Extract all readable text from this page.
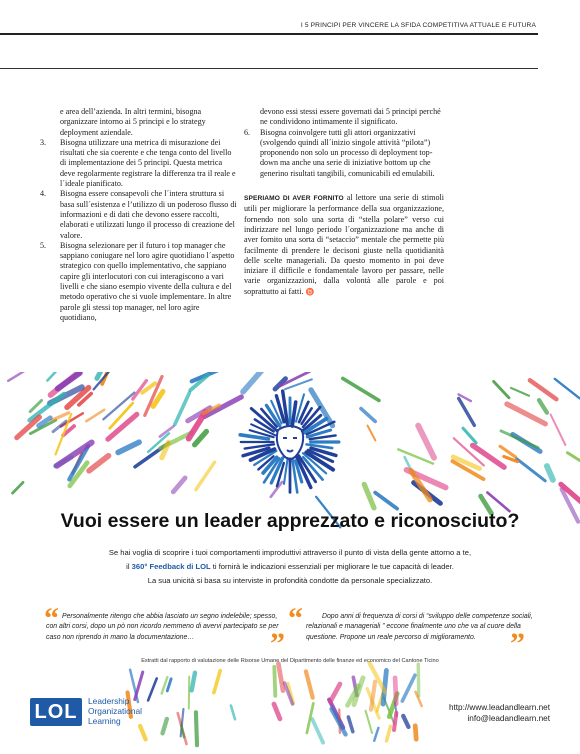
I 5 PRINCIPI PER VINCERE LA SFIDA COMPETITIVA ATTUALE E FUTURA

e area dell’azienda. In altri termini, bisogna organizzare intorno ai 5 principi e lo strategy deployment aziendale.

3.	Bisogna utilizzare una metrica di misurazione dei risultati che sia coerente e che tenga conto del livello di implementazione dei 5 principi. Questa metrica deve regolarmente registrare la differenza tra il reale e l´ideale pianificato.
4.	Bisogna essere consapevoli che l´intera struttura si basa sull´esistenza e l’utilizzo di un poderoso flusso di informazioni e di dati che devono essere raccolti, elaborati e utilizzati lungo il processo di creazione del valore.
5.	Bisogna selezionare per il futuro i top manager che sappiano coniugare nel loro agire quotidiano l´aspetto strategico con quello implementativo, che sappiano capire gli interlocutori con cui interagiscono a vari livelli e che siano esempio vivente della cultura e del metodo operativo che si vuole implementare. In altre parole gli stessi top manager, nel loro agire quotidiano,

devono essi stessi essere governati dai 5 principi perché ne condividono intimamente il significato.

6.	Bisogna coinvolgere tutti gli attori organizzativi (svolgendo quindi all´inizio singole attività “pilota”) proponendo non solo un processo di deployment top-down ma anche una serie di iniziative bottom up che generino risultati tangibili, comunicabili ed emulabili.

SPERIAMO DI AVER FORNITO al lettore una serie di stimoli utili per migliorare la performance della sua organizzazione, fornendo non solo una sorta di “stella polare” verso cui indirizzare nel lungo periodo l´organizzazione ma anche di aver fornito una sorta di “setaccio” mentale che permette più facilmente di prendere le decisoni giuste nella quotidianità delle scelte manageriali. Da questo momento in poi deve iniziare il difficile e fondamentale lavoro per passare, nelle varie organizzazioni, dalla volontà alle parole e poi soprattutto ai fatti. ♉

Vuoi essere un leader apprezzato e riconosciuto?
Se hai voglia di scoprire i tuoi comportamenti improduttivi attraverso il punto di vista della gente attorno a te,
il 360° Feedback di LOL ti fornirà le indicazioni essenziali per migliorare le tue capacità di leader.
La sua unicità si basa su interviste in profondità condotte da personale specializzato.
“ Personalmente ritengo che abbia lasciato un segno indelebile; spesso, con altri corsi, dopo un pò non ricordo nemmeno di avervi partecipato se per caso non riprendo in mano la documentazione…	”
“	Dopo anni di frequenza di corsi di “sviluppo delle competenze sociali, relazionali e manageriali ” eccone finalmente uno che va al cuore della questione. Propone un reale percorso di miglioramento.	”
Estratti dal rapporto di valutazione delle Risorse Umane del Dipartimento delle finanze ed economico del Cantone Ticino
LOL	Leadership
Organizational
Learning
http://www.leadandlearn.net
info@leadandlearn.net
